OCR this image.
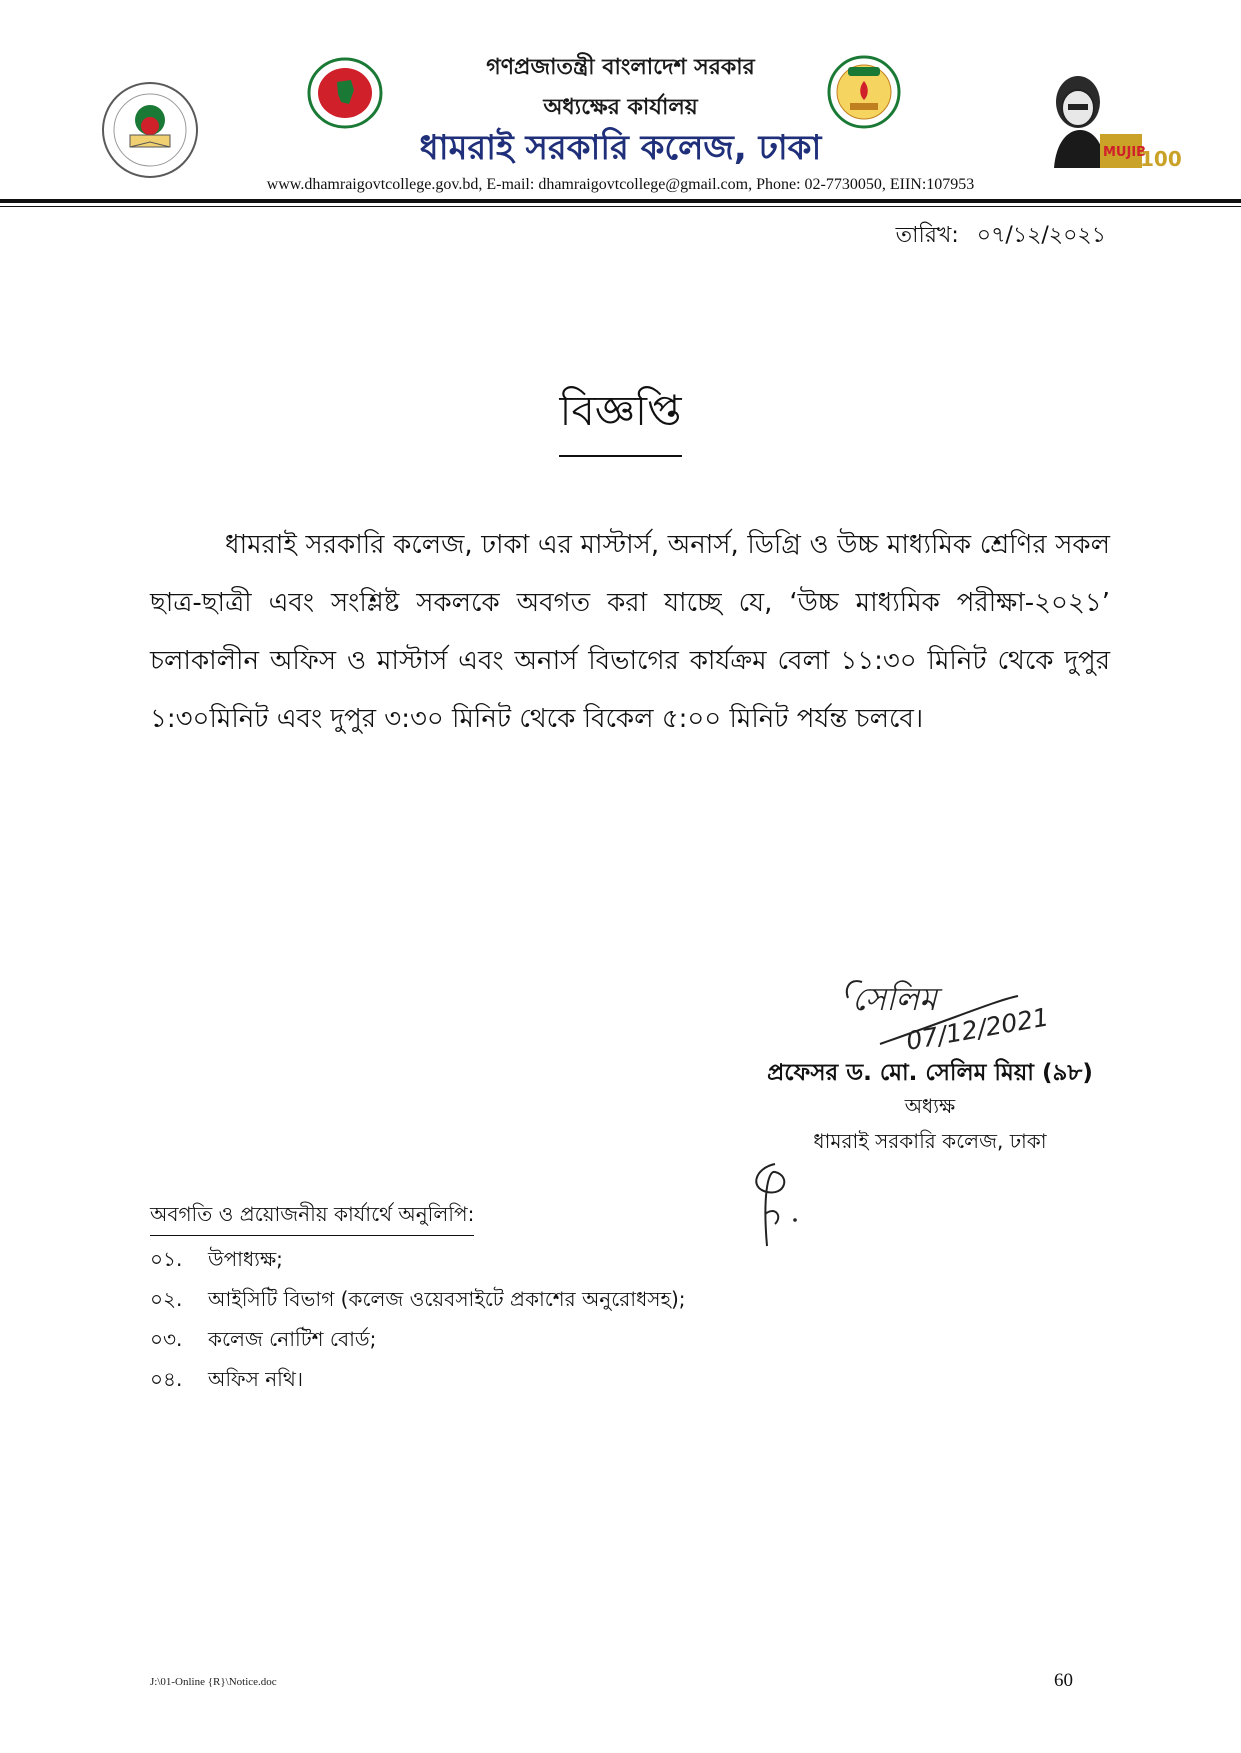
MUJIB
100
গণপ্রজাতন্ত্রী বাংলাদেশ সরকার
অধ্যক্ষের কার্যালয়
ধামরাই সরকারি কলেজ, ঢাকা
www.dhamraigovtcollege.gov.bd, E-mail: dhamraigovtcollege@gmail.com, Phone: 02-7730050, EIIN:107953
তারিখ: ০৭/১২/২০২১
বিজ্ঞপ্তি
ধামরাই সরকারি কলেজ, ঢাকা এর মাস্টার্স, অনার্স, ডিগ্রি ও উচ্চ মাধ্যমিক শ্রেণির সকল ছাত্র-ছাত্রী এবং সংশ্লিষ্ট সকলকে অবগত করা যাচ্ছে যে, ‘উচ্চ মাধ্যমিক পরীক্ষা-২০২১’ চলাকালীন অফিস ও মাস্টার্স এবং অনার্স বিভাগের কার্যক্রম বেলা ১১:৩০ মিনিট থেকে দুপুর ১:৩০মিনিট এবং দুপুর ৩:৩০ মিনিট থেকে বিকেল ৫:০০ মিনিট পর্যন্ত চলবে।
সেলিম
07/12/2021
প্রফেসর ড. মো. সেলিম মিয়া (৯৮)
অধ্যক্ষ
ধামরাই সরকারি কলেজ, ঢাকা
অবগতি ও প্রয়োজনীয় কার্যার্থে অনুলিপি:
০১. উপাধ্যক্ষ;
০২. আইসিটি বিভাগ (কলেজ ওয়েবসাইটে প্রকাশের অনুরোধসহ);
০৩. কলেজ নোটিশ বোর্ড;
০৪. অফিস নথি।
J:\01-Online {R}\Notice.doc	60
